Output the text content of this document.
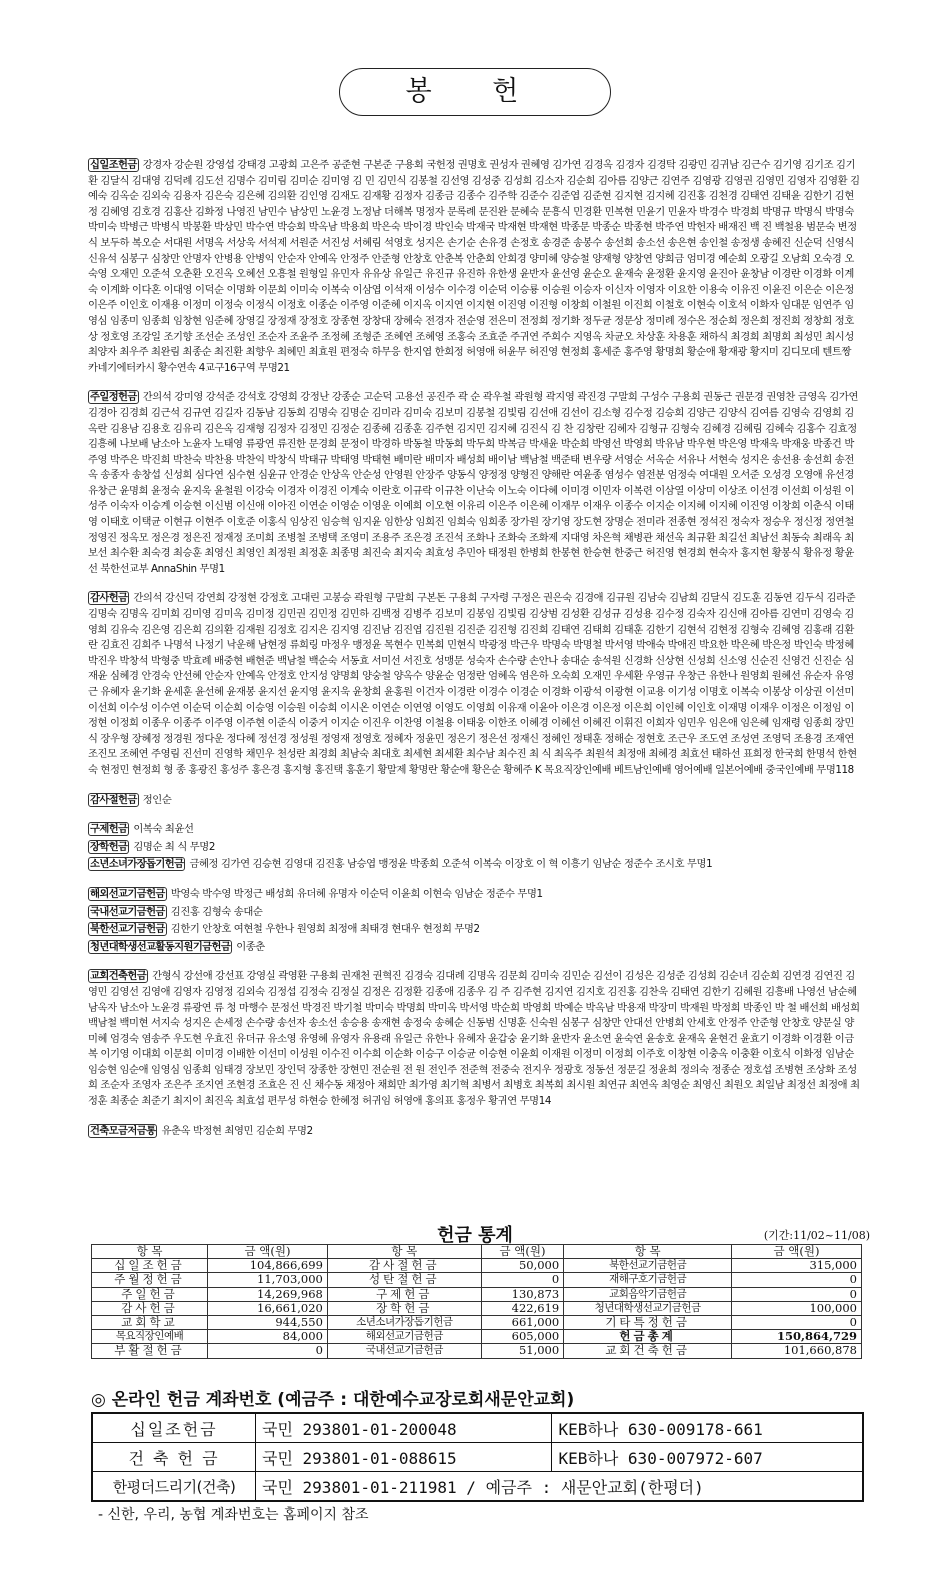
봉 헌

십일조헌금 강경자 강순원 강영섭 강태경 고광희 고은주 공준현 구본준 구용회 국헌정 권명호 권성자 권혜영 김가연 김경옥 김경자 김경탁 김광민 김귀남 김근수 김기영 김기조 김기환 김달식 김대영 김덕례 김도선 김명수 김미림 김미순 김미영 김 민 김민식 김봉철 김선영 김성중 김성희 김소자 김순희 김아름 김양근 김연주 김영광 김영권 김영민 김영자 김영환 김예숙 김옥순 김외숙 김용자 김은숙 김은혜 김의환 김인영 김재도 김재황 김정자 김종금 김종수 김주학 김준수 김준엽 김준현 김지현 김지혜 김진홍 김천경 김태연 김태윤 김한기 김현정 김혜영 김호경 김홍산 김화정 나영진 남민수 남상민 노윤경 노정남 더해복 명정자 문록례 문진완 문혜숙 문흥식 민경환 민복현 민윤기 민윤자 박경수 박경희 박명규 박명식 박명숙 박미숙 박병근 박병식 박봉환 박상민 박수연 박승회 박옥남 박용희 박은숙 박이경 박인숙 박재국 박재현 박재현 박종문 박종순 박종현 박주연 박헌자 배재진 백 진 백철용 범문숙 변정식 보두하 복오순 서대원 서명옥 서상욱 서석제 서원준 서진성 서혜림 석영호 성지은 손기순 손유경 손정호 송경준 송봉수 송선희 송소선 송은현 송인철 송정생 송혜진 신순덕 신영식 신유석 심봉구 심창만 안명자 안병용 안병익 안순자 안예옥 안정주 안준형 안창호 안춘복 안춘희 안희경 양미혜 양승철 양재형 양창연 양희금 엄미경 예순희 오광길 오남희 오숙경 오숙영 오재민 오준석 오춘환 오진옥 오혜선 오흥철 원형일 유민자 유유상 유일근 유진규 유진하 유한생 윤반자 윤선영 윤순오 윤재숙 윤정환 윤지영 윤진아 윤창남 이경란 이경화 이계숙 이계화 이다혼 이대영 이덕순 이명화 이문희 이미숙 이복숙 이삼엽 이석재 이성수 이수경 이순덕 이승룡 이승원 이승자 이신자 이영자 이요한 이용숙 이유진 이윤진 이은순 이은정 이은주 이인호 이재용 이정미 이정숙 이정식 이정호 이종순 이주영 이준혜 이지옥 이지연 이지현 이진영 이진형 이창희 이철원 이진희 이철호 이현숙 이호석 이화자 임대문 임연주 임영심 임종미 임종희 임창현 임준혜 장영길 장정재 장정호 장종현 장창대 장혜숙 전경자 전순영 전은미 전정희 정기화 정두균 정문상 정미례 정수은 정순희 정은희 정진희 정창희 정호상 정호영 조강일 조기향 조선순 조성인 조순자 조윤주 조정혜 조형준 조혜연 조혜영 조홍숙 조효준 주귀연 주희수 지영옥 차균오 차상훈 차용훈 채하식 최경희 최명희 최성민 최시성 최양자 최우주 최완림 최종순 최진환 최향우 최혜민 최효원 편정숙 하무응 한지엽 한희정 허영애 허윤무 허진영 현정희 홍세준 홍주영 황명희 황순애 황재광 황지미 김디모데 텐트짱 카네기에터카시 황수연속 4교구16구역 무명21

주일정헌금 간의석 강미영 강석준 강석호 강영희 강정난 강종순 고순덕 고용선 공진주 곽 순 곽우철 곽원형 곽지영 곽진경 구말희 구성수 구용희 권동근 권문경 권영찬 금영옥 김가연 김경아 김경희 김근석 김규연 김길자 김동남 김동희 김명숙 김명순 김미라 김미숙 김보미 김봉철 김빛림 김선애 김선이 김소형 김수정 김승희 김양근 김양식 김여름 김영숙 김영희 김옥란 김용남 김용호 김유리 김은옥 김재형 김정자 김정민 김정순 김종혜 김종훈 김주현 김지민 김지혜 김진식 김 찬 김창란 김혜자 김형규 김형숙 김혜경 김혜림 김혜숙 김홍수 김효정 김흥혜 나보배 남소아 노윤자 노태영 류광연 류진한 문경희 문정이 박경하 박동철 박동희 박두희 박복금 박새윤 박순희 박영선 박영희 박유남 박우현 박은영 박재욱 박재웅 박종건 박주영 박주은 박진희 박찬숙 박찬용 박찬익 박창식 박태규 박태영 박태현 배미란 배미자 배성희 배이남 백남철 백준태 변우량 서영순 서옥순 서유나 서현숙 성지은 송선용 송선희 송전옥 송종자 송창섭 신성희 심다연 심수현 심윤규 안경순 안상옥 안순성 안영원 안장주 양동식 양정정 양형진 양해란 여윤종 염성수 염전분 엄정숙 여대원 오서준 오성경 오영애 유선경 유창근 윤명희 윤정숙 윤지욱 윤철원 이강숙 이경자 이경진 이계숙 이란호 이규락 이규찬 이난숙 이노숙 이다혜 이미경 이민자 이복련 이삼열 이상미 이상조 이선경 이선희 이성원 이성주 이숙자 이승계 이승현 이신범 이신애 이아진 이연순 이영순 이영운 이예희 이오현 이유리 이은주 이은혜 이재무 이재우 이종수 이지순 이지혜 이지혜 이진영 이창희 이춘식 이태영 이태호 이택균 이현규 이현주 이호준 이홍식 임상진 임승혁 임지윤 임한상 임희진 임희숙 임희종 장가원 장기영 장도현 장명순 전미라 전종현 정석진 정숙자 정승우 정신정 정연철 정영진 정옥모 정은경 정은진 정재정 조미희 조병철 조병택 조영미 조용주 조은경 조진석 조화나 조화숙 조화제 지대영 차은혁 채병관 채선옥 최규환 최길선 최남선 최동숙 최래옥 최보선 최수환 최숙경 최승훈 최영신 최영인 최정원 최정훈 최종명 최진숙 최지숙 최효성 추민아 태정원 한병희 한봉현 한승현 한중근 허진영 현경희 현숙자 홍지현 황봉식 황유정 황윤선 북한선교부 AnnaShin 무명1

감사헌금 간의석 강신덕 강연희 강정현 강정호 고대린 고봉승 곽원형 구말희 구본돈 구용희 구자령 구정은 권은숙 김경애 김규원 김남숙 김남희 김달식 김도훈 김동연 김두식 김라준 김명숙 김명옥 김미희 김미영 김미옥 김미정 김민권 김민정 김민하 김백정 김병주 김보미 김봉임 김빛림 김상범 김성환 김성규 김성용 김수정 김숙자 김신애 김아름 김연미 김영숙 김영희 김유숙 김은영 김은희 김의환 김재원 김정호 김지은 김지영 김진남 김진엽 김진원 김진준 김진형 김진희 김태연 김태희 김태훈 김한기 김현석 김현정 김형숙 김혜영 김홍래 김환란 김효진 김희주 나명석 나정기 낙운해 남현정 류희링 마정우 맹정윤 목현수 민복희 민현식 박광정 박근우 박명숙 박명철 박서영 박애숙 박애진 박요한 박은혜 박은정 박인숙 박정혜 박진우 박창석 박형중 박효례 배중현 배현준 백남철 백순숙 서동효 서미선 서진호 성맹문 성숙자 손수량 손안나 송대순 송석원 신경화 신상현 신성희 신소영 신순진 신영건 신진순 심재윤 심혜경 안경숙 안선혜 안순자 안예옥 안정호 안지성 양명희 양숭철 양옥수 양윤순 엄정란 엄혜옥 염은하 오숙희 오재민 우세환 우영규 우창근 유한나 원영희 원혜선 유순자 유영근 유혜자 윤기화 윤세훈 윤선혜 윤재봉 윤지선 윤지영 윤지욱 윤창희 윤홍원 이건자 이경란 이경수 이경순 이경화 이광석 이광현 이교용 이기성 이명호 이복숙 이봉상 이상권 이선미 이선희 이수성 이수연 이순덕 이순희 이승영 이승원 이승희 이시온 이연순 이연영 이영도 이영희 이유재 이윤아 이은경 이은정 이은희 이인혜 이인호 이재명 이재우 이정은 이정임 이정현 이정희 이종우 이종주 이주영 이주현 이준식 이중거 이지순 이진우 이찬영 이철용 이태웅 이한조 이혜경 이혜선 이혜진 이휘진 이희자 임민우 임은애 임은혜 임재령 임종희 장민식 장우형 장혜정 정경원 정다운 정다혜 정선경 정성원 정영재 정영호 정혜자 정윤민 정은기 정은선 정재신 정혜인 정태훈 정해순 정현호 조근우 조도연 조성연 조영덕 조용경 조재연 조진모 조혜연 주영림 진선미 진영학 채민우 천성란 최경희 최남숙 최대호 최세현 최세환 최수남 최수진 최 식 최옥주 최원석 최정애 최혜경 최효선 태하선 표희정 한국희 한명석 한현숙 현정민 현정희 형 종 홍광진 홍성주 홍은경 홍지형 홍진택 홍훈기 황말제 황명란 황순애 황은순 황혜주 K 목요직장인예배 베트남인예배 영어예배 일본어예배 중국인예배 무명118

감사절헌금 정인순

구제헌금 이복숙 최윤선

장학헌금 김명순 최 식 무명2

소년소녀가장돕기헌금 금혜정 김가연 김승현 김영대 김진홍 남승엽 맹정윤 박종희 오준석 이복숙 이장호 이 혁 이흥기 임남순 정준수 조시호 무명1

해외선교기금헌금 박영숙 박수영 박정근 배성희 유더혜 유명자 이순덕 이윤희 이현숙 임남순 정준수 무명1

국내선교기금헌금 김진홍 김형숙 송대순

북한선교기금헌금 김한기 안창호 여현철 우한나 원영희 최정애 최태경 현대우 현정희 무명2

청년대학생선교활동지원기금헌금 이종춘

교회건축헌금 간형식 강선애 강선표 강영실 곽영환 구용회 권재천 권혁진 김경숙 김대례 김명옥 김문희 김미숙 김민순 김선이 김성은 김성준 김성희 김순녀 김순희 김연경 김연진 김영민 김영선 김영애 김영자 김영정 김외숙 김정섭 김정숙 김정실 김정은 김정환 김종애 김종우 김 주 김주현 김지연 김지호 김진홍 김찬욱 김태연 김한기 김혜원 김흥배 나영선 남순혜 남옥자 남소아 노윤경 류광연 류 청 마행수 문정선 박경진 박기철 박미숙 박명희 박미옥 박서영 박순희 박영희 박예순 박옥남 박용재 박장미 박재원 박정희 박종인 박 철 배선희 배성희 백남철 백미현 서지숙 성지은 손세정 손수량 송선자 송소선 송승용 송재현 송정숙 송혜순 신동범 신명훈 신숙원 심봉구 심창만 안대선 안병희 안세호 안정주 안준형 안창호 양문실 양미혜 엄경숙 염송주 우도현 우효진 유더규 유소영 유영혜 유영자 유용래 유일근 유한나 유혜자 윤갑숭 윤기화 윤반자 윤소연 윤숙연 윤송호 윤재옥 윤현건 윤효기 이경화 이경환 이금복 이기영 이대희 이문희 이미경 이배한 이선미 이성원 이수진 이수희 이순화 이승구 이승균 이승현 이윤희 이재원 이정미 이정희 이주호 이창현 이충옥 이충환 이호식 이화정 임남순 임승현 임순애 임영심 임종희 임태경 장보민 장인덕 장종한 장현민 전순원 전 원 전인주 전준혁 전중숙 전지우 정광호 정동선 정문길 정윤희 정의숙 정종순 정호섭 조병현 조상화 조성희 조순자 조영자 조은주 조지연 조현경 조효은 진 신 채수동 채정아 채희만 최가영 최기혁 최병서 최병호 최복희 최시원 최연규 최연옥 최영순 최영신 최원오 최일남 최정선 최정애 최정훈 최종순 최준기 최지이 최진옥 최효섭 편무성 하현승 한혜정 허귀임 허영애 홍의표 홍정우 황귀연 무명14

건축모금저금통 유춘옥 박정현 최영민 김순희 무명2

헌금 통계	(기간:11/02~11/08)
항 목	금 액(원)	항 목	금 액(원)	항 목	금 액(원)
십일조헌금	104,866,699	감사절헌금	50,000	북한선교기금헌금	315,000
주월정헌금	11,703,000	성탄절헌금	0	재해구호기금헌금	0
주일헌금	14,269,968	구제헌금	130,873	교회음악기금헌금	0
감사헌금	16,661,020	장학헌금	422,619	청년대학생선교기금헌금	100,000
교회학교	944,550	소년소녀가장돕기헌금	661,000	기타특정헌금	0
목요직장인예배	84,000	해외선교기금헌금	605,000	헌금총계	150,864,729
부활절헌금	0	국내선교기금헌금	51,000	교회건축헌금	101,660,878
◎ 온라인 헌금 계좌번호 (예금주 : 대한예수교장로회새문안교회)
십일조헌금	국민 293801-01-200048	KEB하나 630-009178-661
건 축 헌 금	국민 293801-01-088615	KEB하나 630-007972-607
한평더드리기(건축)	국민 293801-01-211981 / 예금주 : 새문안교회(한평더)	
- 신한, 우리, 농협 계좌번호는 홈페이지 참조
